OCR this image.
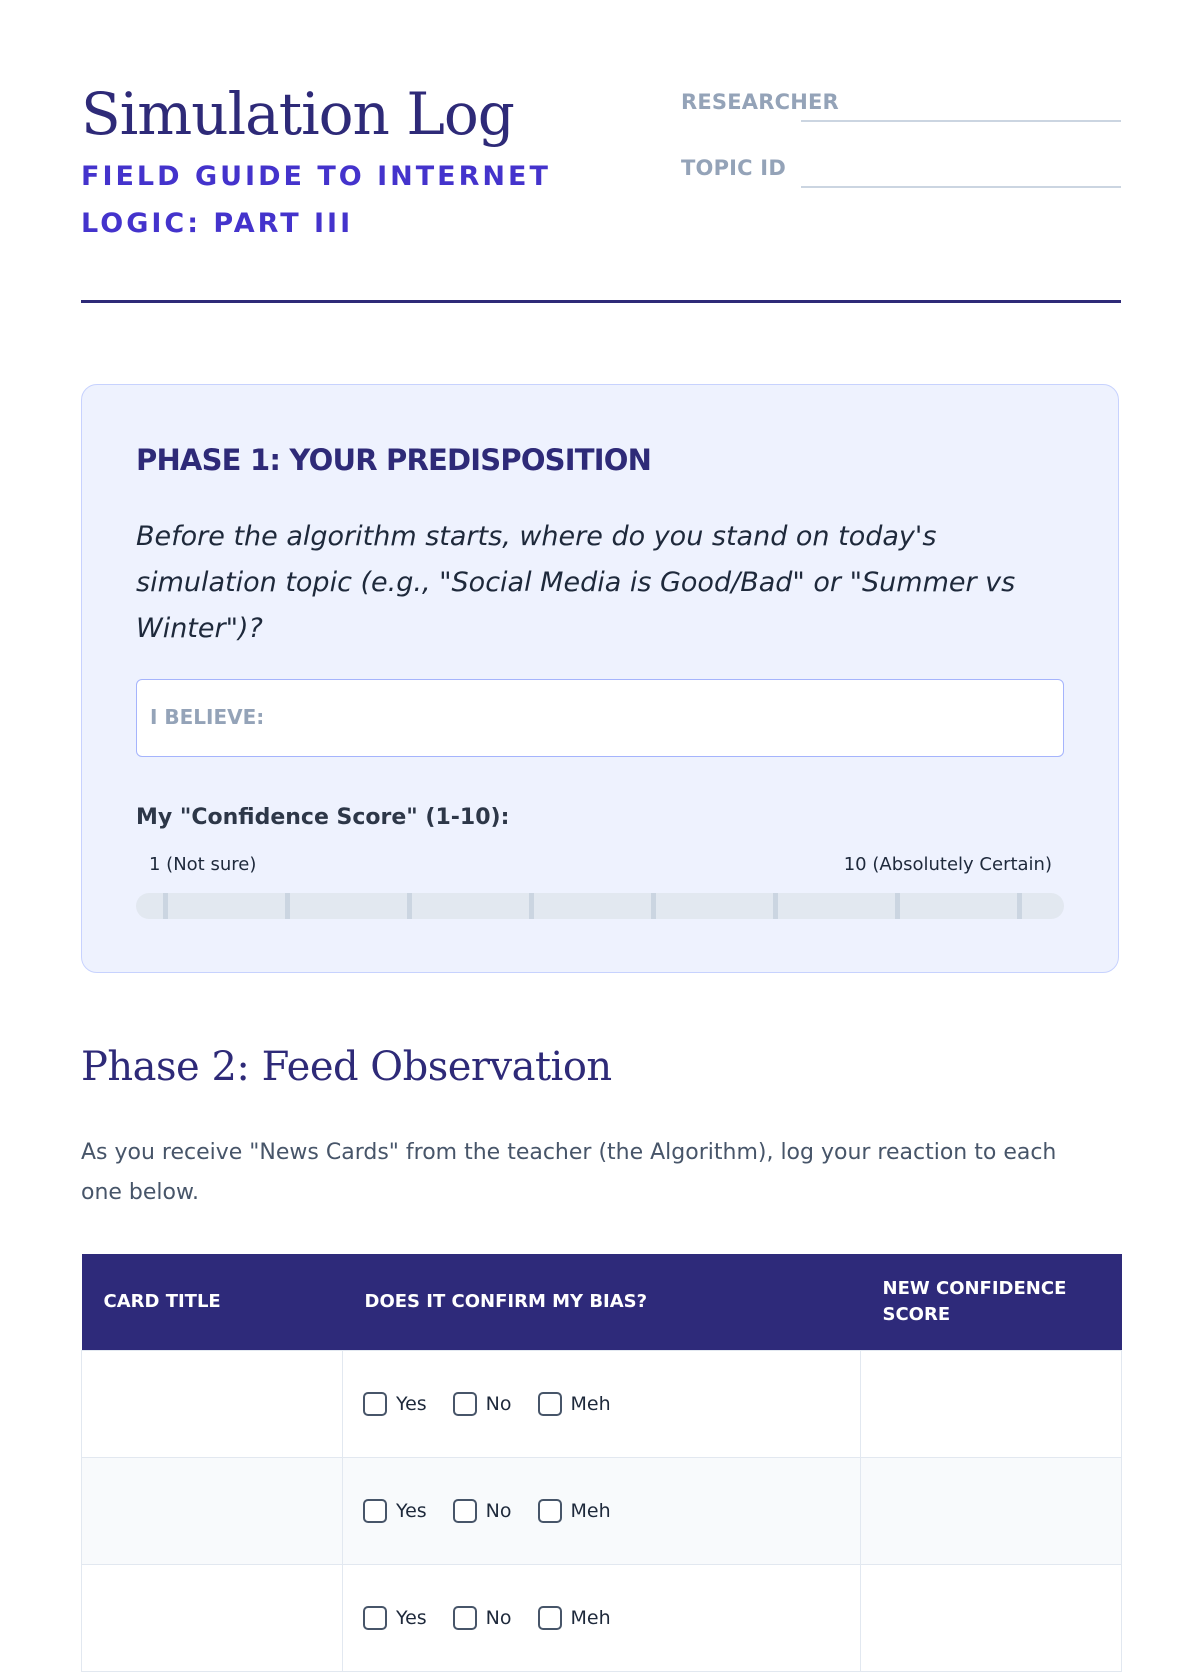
Simulation Log
FIELD GUIDE TO INTERNET LOGIC: PART III
RESEARCHER
TOPIC ID
PHASE 1: YOUR PREDISPOSITION

Before the algorithm starts, where do you stand on today's simulation topic (e.g., "Social Media is Good/Bad" or "Summer vs Winter")?

I BELIEVE:
My "Confidence Score" (1-10):
1 (Not sure)	10 (Absolutely Certain)
Phase 2: Feed Observation

As you receive "News Cards" from the teacher (the Algorithm), log your reaction to each one below.

CARD TITLE	DOES IT CONFIRM MY BIAS?	NEW CONFIDENCE SCORE

	Yes No Meh	

	Yes No Meh	

	Yes No Meh	
